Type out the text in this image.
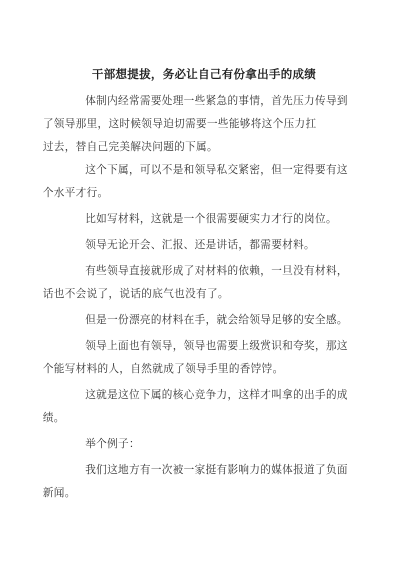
干部想提拔，务必让自己有份拿出手的成绩
体制内经常需要处理一些紧急的事情，首先压力传导到
了领导那里，这时候领导迫切需要一些能够将这个压力扛
过去，替自己完美解决问题的下属。
这个下属，可以不是和领导私交紧密，但一定得要有这
个水平才行。
比如写材料，这就是一个很需要硬实力才行的岗位。
领导无论开会、汇报、还是讲话，都需要材料。
有些领导直接就形成了对材料的依赖，一旦没有材料，
话也不会说了，说话的底气也没有了。
但是一份漂亮的材料在手，就会给领导足够的安全感。
领导上面也有领导，领导也需要上级赏识和夸奖，那这
个能写材料的人，自然就成了领导手里的香饽饽。
这就是这位下属的核心竞争力，这样才叫拿的出手的成
绩。
举个例子：
我们这地方有一次被一家挺有影响力的媒体报道了负面
新闻。
